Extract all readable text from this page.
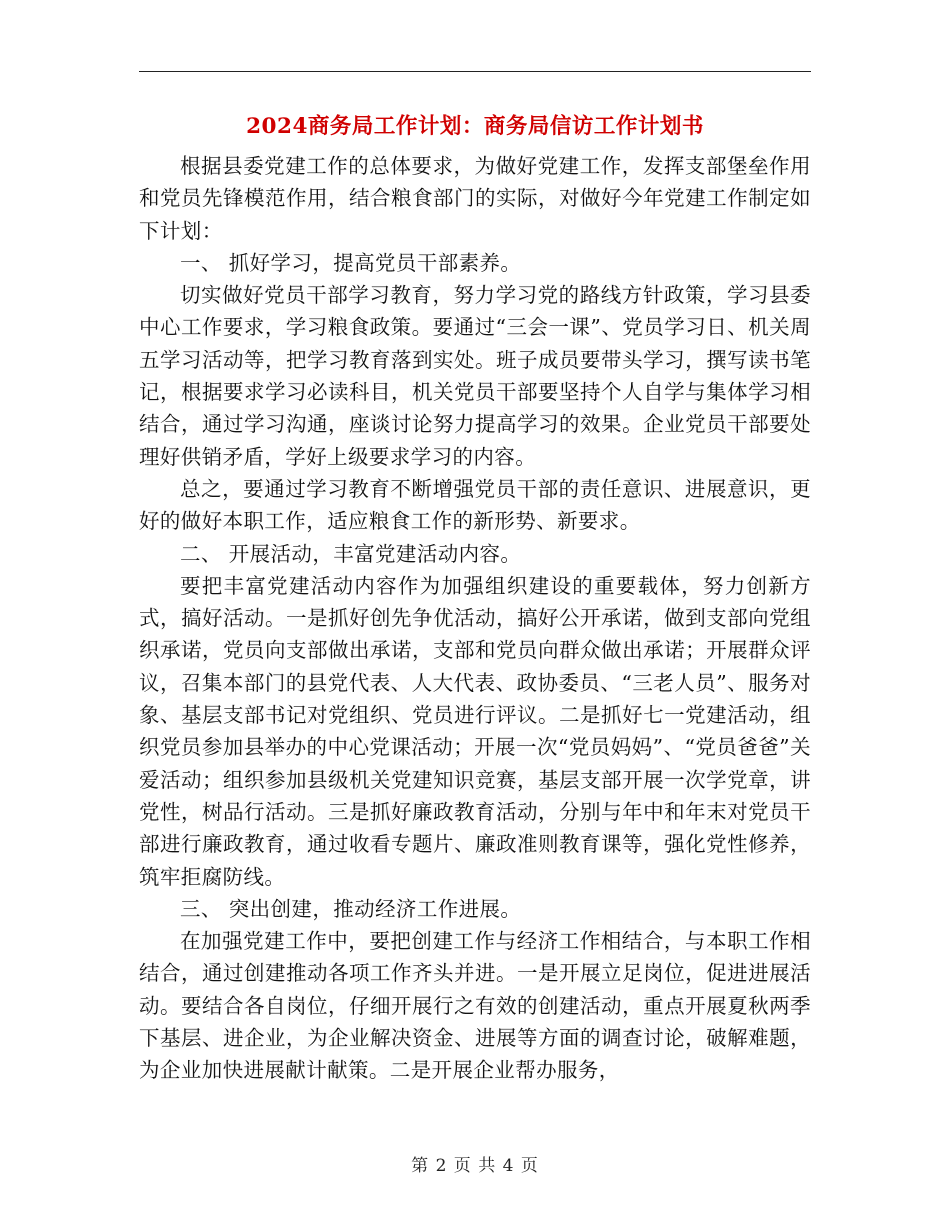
2024商务局工作计划：商务局信访工作计划书

根据县委党建工作的总体要求，为做好党建工作，发挥支部堡垒作用和党员先锋模范作用，结合粮食部门的实际，对做好今年党建工作制定如下计划：

一、 抓好学习，提高党员干部素养。

切实做好党员干部学习教育，努力学习党的路线方针政策，学习县委中心工作要求，学习粮食政策。要通过“三会一课”、党员学习日、机关周五学习活动等，把学习教育落到实处。班子成员要带头学习，撰写读书笔记，根据要求学习必读科目，机关党员干部要坚持个人自学与集体学习相结合，通过学习沟通，座谈讨论努力提高学习的效果。企业党员干部要处理好供销矛盾，学好上级要求学习的内容。

总之，要通过学习教育不断增强党员干部的责任意识、进展意识，更好的做好本职工作，适应粮食工作的新形势、新要求。

二、 开展活动，丰富党建活动内容。

要把丰富党建活动内容作为加强组织建设的重要载体，努力创新方式，搞好活动。一是抓好创先争优活动，搞好公开承诺，做到支部向党组织承诺，党员向支部做出承诺，支部和党员向群众做出承诺；开展群众评议，召集本部门的县党代表、人大代表、政协委员、“三老人员”、服务对象、基层支部书记对党组织、党员进行评议。二是抓好七一党建活动，组织党员参加县举办的中心党课活动；开展一次“党员妈妈”、“党员爸爸”关爱活动；组织参加县级机关党建知识竞赛，基层支部开展一次学党章，讲党性，树品行活动。三是抓好廉政教育活动，分别与年中和年末对党员干部进行廉政教育，通过收看专题片、廉政准则教育课等，强化党性修养，筑牢拒腐防线。

三、 突出创建，推动经济工作进展。

在加强党建工作中，要把创建工作与经济工作相结合，与本职工作相结合，通过创建推动各项工作齐头并进。一是开展立足岗位，促进进展活动。要结合各自岗位，仔细开展行之有效的创建活动，重点开展夏秋两季下基层、进企业，为企业解决资金、进展等方面的调查讨论，破解难题，为企业加快进展献计献策。二是开展企业帮办服务，

第 2 页 共 4 页
